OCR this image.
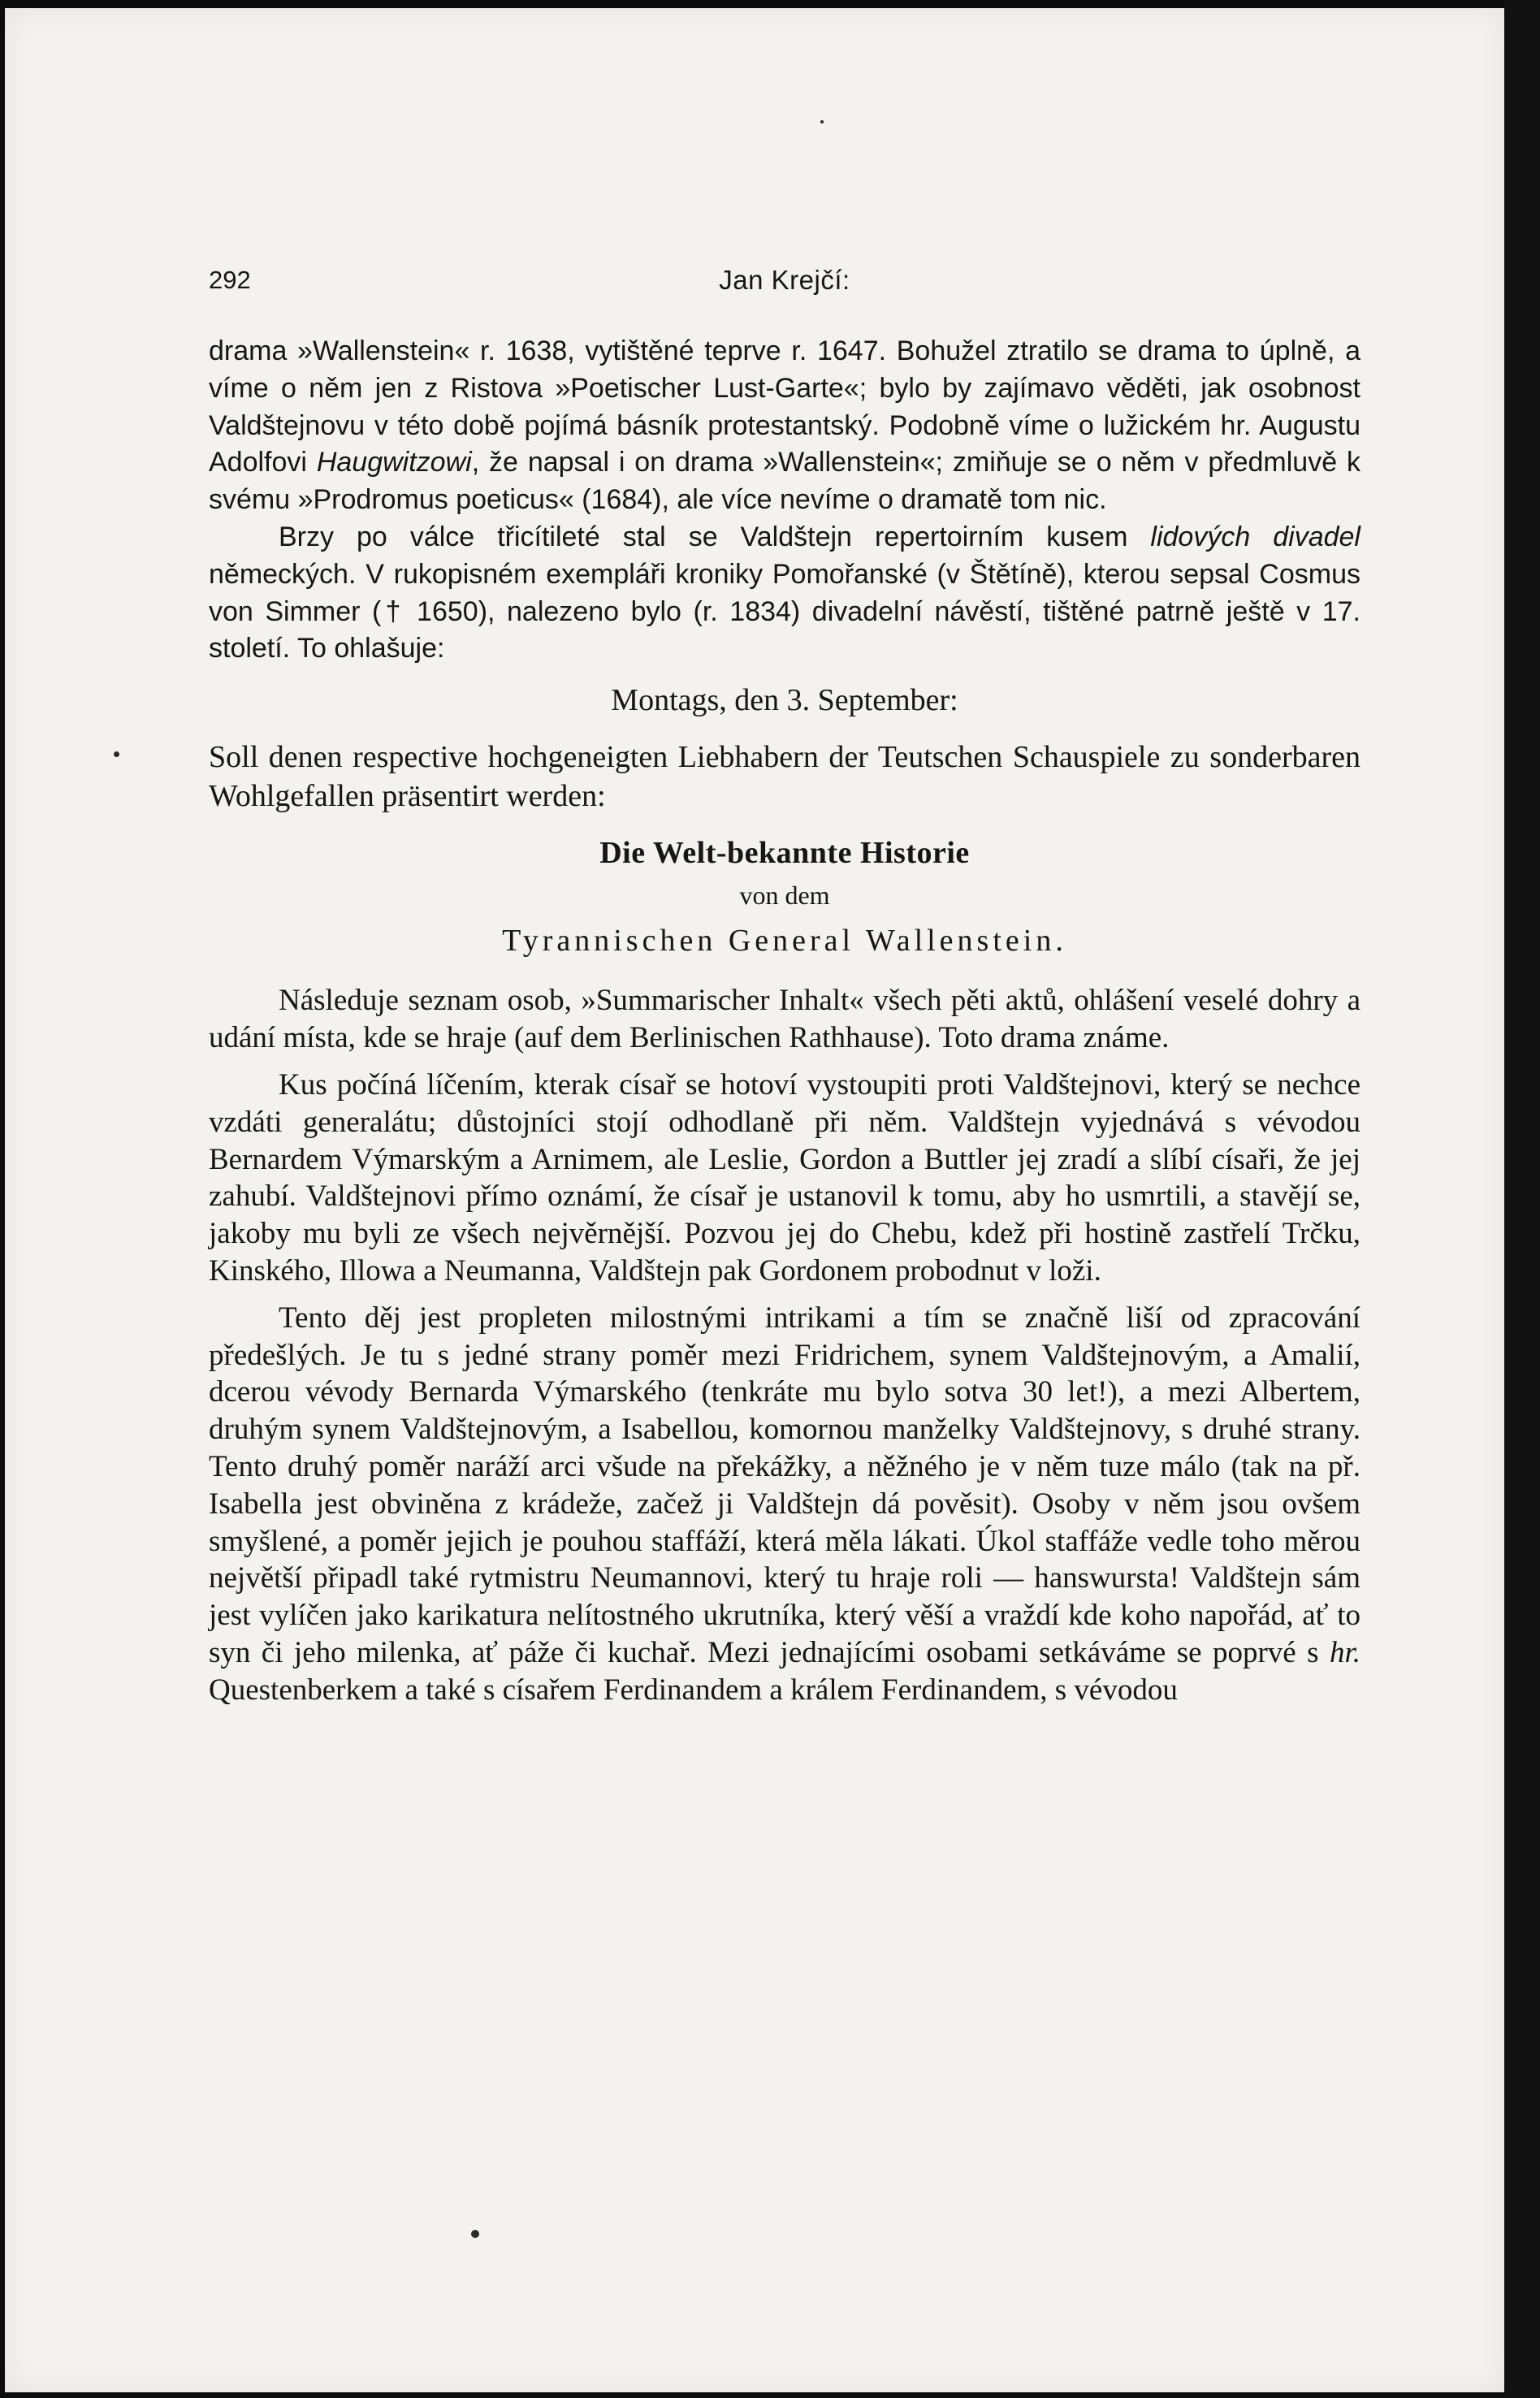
292	Jan Krejčí:

drama »Wallenstein« r. 1638, vytištěné teprve r. 1647. Bohužel ztratilo se drama to úplně, a víme o něm jen z Ristova »Poetischer Lust-Garte«; bylo by zajímavo věděti, jak osobnost Valdštejnovu v této době pojímá básník protestantský. Podobně víme o lužickém hr. Augustu Adolfovi Haugwitzowi, že napsal i on drama »Wallenstein«; zmiňuje se o něm v předmluvě k svému »Prodromus poeticus« (1684), ale více nevíme o dramatě tom nic.

Brzy po válce třicítileté stal se Valdštejn repertoirním kusem lidových divadel německých. V rukopisném exempláři kroniky Pomořanské (v Štětíně), kterou sepsal Cosmus von Simmer († 1650), nalezeno bylo (r. 1834) divadelní návěstí, tištěné patrně ještě v 17. století. To ohlašuje:

Montags, den 3. September:

Soll denen respective hochgeneigten Liebhabern der Teutschen Schauspiele zu sonderbaren Wohlgefallen präsentirt werden:

Die Welt-bekannte Historie

von dem

Tyrannischen General Wallenstein.

Následuje seznam osob, »Summarischer Inhalt« všech pěti aktů, ohlášení veselé dohry a udání místa, kde se hraje (auf dem Berlinischen Rathhause). Toto drama známe.

Kus počíná líčením, kterak císař se hotoví vystoupiti proti Valdštejnovi, který se nechce vzdáti generalátu; důstojníci stojí odhodlaně při něm. Valdštejn vyjednává s vévodou Bernardem Výmarským a Arnimem, ale Leslie, Gordon a Buttler jej zradí a slíbí císaři, že jej zahubí. Valdštejnovi přímo oznámí, že císař je ustanovil k tomu, aby ho usmrtili, a stavějí se, jakoby mu byli ze všech nejvěrnější. Pozvou jej do Chebu, kdež při hostině zastřelí Trčku, Kinského, Illowa a Neumanna, Valdštejn pak Gordonem probodnut v loži.

Tento děj jest propleten milostnými intrikami a tím se značně liší od zpracování předešlých. Je tu s jedné strany poměr mezi Fridrichem, synem Valdštejnovým, a Amalií, dcerou vévody Bernarda Výmarského (tenkráte mu bylo sotva 30 let!), a mezi Albertem, druhým synem Valdštejnovým, a Isabellou, komornou manželky Valdštejnovy, s druhé strany. Tento druhý poměr naráží arci všude na překážky, a něžného je v něm tuze málo (tak na př. Isabella jest obviněna z krádeže, začež ji Valdštejn dá pověsit). Osoby v něm jsou ovšem smyšlené, a poměr jejich je pouhou staffáží, která měla lákati. Úkol staffáže vedle toho měrou největší připadl také rytmistru Neumannovi, který tu hraje roli — hanswursta! Valdštejn sám jest vylíčen jako karikatura nelítostného ukrutníka, který věší a vraždí kde koho napořád, ať to syn či jeho milenka, ať páže či kuchař. Mezi jednajícími osobami setkáváme se poprvé s hr. Questenberkem a také s císařem Ferdinandem a králem Ferdinandem, s vévodou
